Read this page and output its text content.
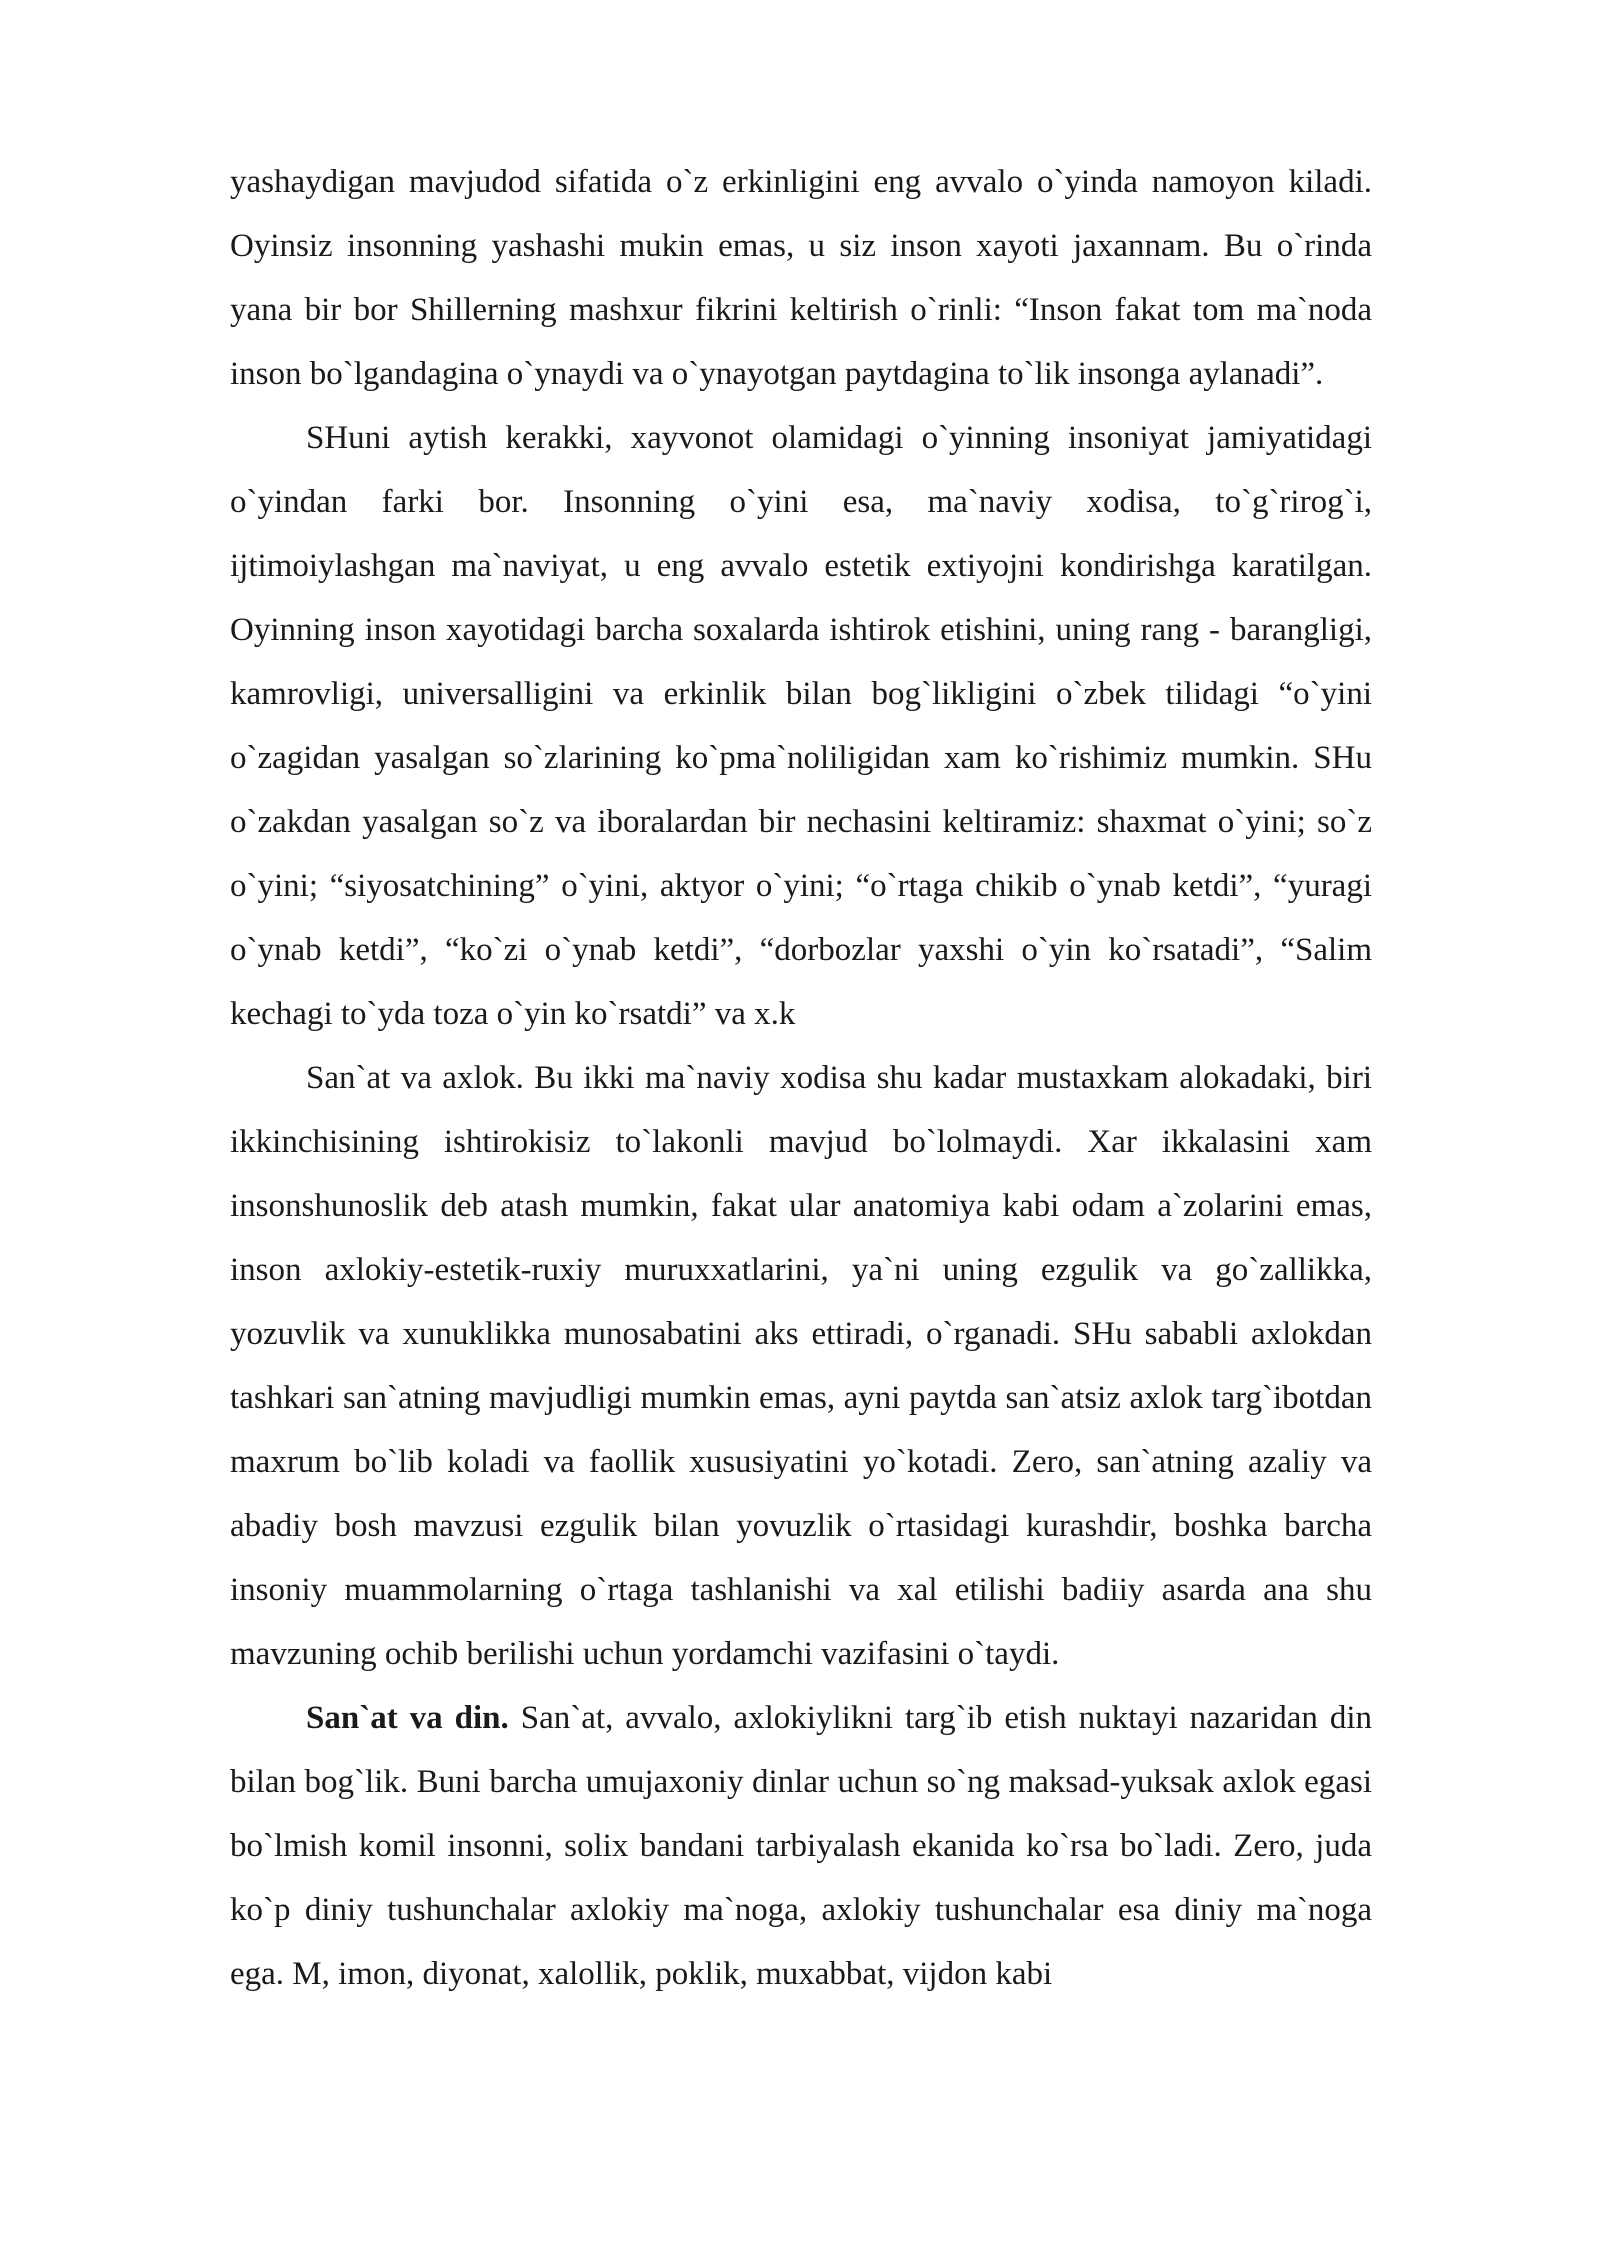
yashaydigan mavjudod sifatida o`z erkinligini eng avvalo o`yinda namoyon kiladi. Oyinsiz insonning yashashi mukin emas, u siz inson xayoti jaxannam. Bu o`rinda yana bir bor Shillerning mashxur fikrini keltirish o`rinli: “Inson fakat tom ma`noda inson bo`lgandagina o`ynaydi va o`ynayotgan paytdagina to`lik insonga aylanadi”.

SHuni aytish kerakki, xayvonot olamidagi o`yinning insoniyat jamiyatidagi o`yindan farki bor. Insonning o`yini esa, ma`naviy xodisa, to`g`rirog`i, ijtimoiylashgan ma`naviyat, u eng avvalo estetik extiyojni kondirishga karatilgan. Oyinning inson xayotidagi barcha soxalarda ishtirok etishini, uning rang - barangligi, kamrovligi, universalligini va erkinlik bilan bog`likligini o`zbek tilidagi “o`yini o`zagidan yasalgan so`zlarining ko`pma`noliligidan xam ko`rishimiz mumkin. SHu o`zakdan yasalgan so`z va iboralardan bir nechasini keltiramiz: shaxmat o`yini; so`z o`yini; “siyosatchining” o`yini, aktyor o`yini; “o`rtaga chikib o`ynab ketdi”, “yuragi o`ynab ketdi”, “ko`zi o`ynab ketdi”, “dorbozlar yaxshi o`yin ko`rsatadi”, “Salim kechagi to`yda toza o`yin ko`rsatdi” va x.k

San`at va axlok. Bu ikki ma`naviy xodisa shu kadar mustaxkam alokadaki, biri ikkinchisining ishtirokisiz to`lakonli mavjud bo`lolmaydi. Xar ikkalasini xam insonshunoslik deb atash mumkin, fakat ular anatomiya kabi odam a`zolarini emas, inson axlokiy-estetik-ruxiy muruxxatlarini, ya`ni uning ezgulik va go`zallikka, yozuvlik va xunuklikka munosabatini aks ettiradi, o`rganadi. SHu sababli axlokdan tashkari san`atning mavjudligi mumkin emas, ayni paytda san`atsiz axlok targ`ibotdan maxrum bo`lib koladi va faollik xususiyatini yo`kotadi. Zero, san`atning azaliy va abadiy bosh mavzusi ezgulik bilan yovuzlik o`rtasidagi kurashdir, boshka barcha insoniy muammolarning o`rtaga tashlanishi va xal etilishi badiiy asarda ana shu mavzuning ochib berilishi uchun yordamchi vazifasini o`taydi.

San`at va din. San`at, avvalo, axlokiylikni targ`ib etish nuktayi nazaridan din bilan bog`lik. Buni barcha umujaxoniy dinlar uchun so`ng maksad-yuksak axlok egasi bo`lmish komil insonni, solix bandani tarbiyalash ekanida ko`rsa bo`ladi. Zero, juda ko`p diniy tushunchalar axlokiy ma`noga, axlokiy tushunchalar esa diniy ma`noga ega. M, imon, diyonat, xalollik, poklik, muxabbat, vijdon kabi
